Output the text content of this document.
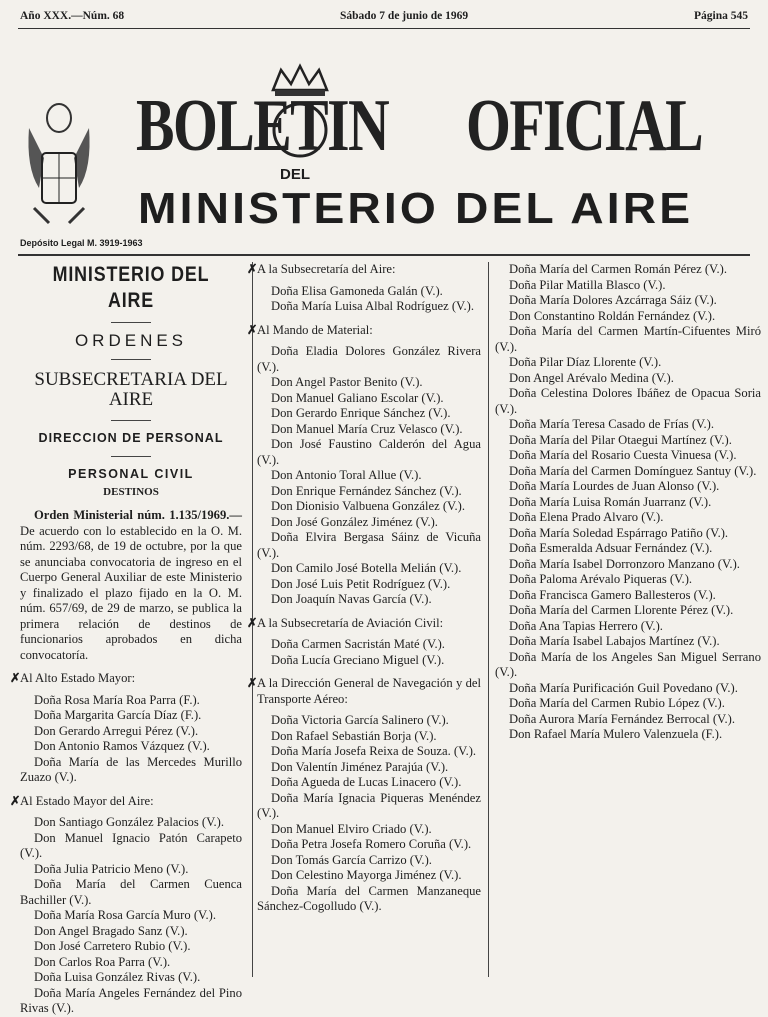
Año XXX.—Núm. 68	Sábado 7 de junio de 1969	Página 545
BOLETIN OFICIAL
DEL
MINISTERIO DEL AIRE
Depósito Legal M. 3919-1963
MINISTERIO DEL AIRE
ORDENES
SUBSECRETARIA DEL AIRE
DIRECCION DE PERSONAL
PERSONAL CIVIL
DESTINOS
Orden Ministerial núm. 1.135/1969.— De acuerdo con lo establecido en la O. M. núm. 2293/68, de 19 de octubre, por la que se anunciaba convocatoria de ingreso en el Cuerpo General Auxiliar de este Ministerio y finalizado el plazo fijado en la O. M. núm. 657/69, de 29 de marzo, se publica la primera relación de destinos de funcionarios aprobados en dicha convocatoría.
✗ Al Alto Estado Mayor:
Doña Rosa María Roa Parra (F.).
Doña Margarita García Díaz (F.).
Don Gerardo Arregui Pérez (V.).
Don Antonio Ramos Vázquez (V.).
Doña María de las Mercedes Murillo Zuazo (V.).
✗ Al Estado Mayor del Aire:
Don Santiago González Palacios (V.).
Don Manuel Ignacio Patón Carapeto (V.).
Doña Julia Patricio Meno (V.).
Doña María del Carmen Cuenca Bachiller (V.).
Doña María Rosa García Muro (V.).
Don Angel Bragado Sanz (V.).
Don José Carretero Rubio (V.).
Don Carlos Roa Parra (V.).
Doña Luisa González Rivas (V.).
Doña María Angeles Fernández del Pino Rivas (V.).
✗ A la Subsecretaría del Aire:
Doña Elisa Gamoneda Galán (V.).
Doña María Luisa Albal Rodríguez (V.).
✗ Al Mando de Material:
Doña Eladia Dolores González Rivera (V.).
Don Angel Pastor Benito (V.).
Don Manuel Galiano Escolar (V.).
Don Gerardo Enrique Sánchez (V.).
Don Manuel María Cruz Velasco (V.).
Don José Faustino Calderón del Agua (V.).
Don Antonio Toral Allue (V.).
Don Enrique Fernández Sánchez (V.).
Don Dionisio Valbuena González (V.).
Don José González Jiménez (V.).
Doña Elvira Bergasa Sáinz de Vicuña (V.).
Don Camilo José Botella Melián (V.).
Don José Luis Petit Rodríguez (V.).
Don Joaquín Navas García (V.).
✗ A la Subsecretaría de Aviación Civil:
Doña Carmen Sacristán Maté (V.).
Doña Lucía Greciano Miguel (V.).
✗ A la Dirección General de Navegación y del Transporte Aéreo:
Doña Victoria García Salinero (V.).
Don Rafael Sebastián Borja (V.).
Doña María Josefa Reixa de Souza. (V.).
Don Valentín Jiménez Parajúa (V.).
Doña Agueda de Lucas Linacero (V.).
Doña María Ignacia Piqueras Menéndez (V.).
Don Manuel Elviro Criado (V.).
Doña Petra Josefa Romero Coruña (V.).
Don Tomás García Carrizo (V.).
Don Celestino Mayorga Jiménez (V.).
Doña María del Carmen Manzaneque Sánchez-Cogolludo (V.).
Doña María del Carmen Román Pérez (V.).
Doña Pilar Matilla Blasco (V.).
Doña María Dolores Azcárraga Sáiz (V.).
Don Constantino Roldán Fernández (V.).
Doña María del Carmen Martín-Cifuentes Miró (V.).
Doña Pilar Díaz Llorente (V.).
Don Angel Arévalo Medina (V.).
Doña Celestina Dolores Ibáñez de Opacua Soria (V.).
Doña María Teresa Casado de Frías (V.).
Doña María del Pilar Otaegui Martínez (V.).
Doña María del Rosario Cuesta Vinuesa (V.).
Doña María del Carmen Domínguez Santuy (V.).
Doña María Lourdes de Juan Alonso (V.).
Doña María Luisa Román Juarranz (V.).
Doña Elena Prado Alvaro (V.).
Doña María Soledad Espárrago Patiño (V.).
Doña Esmeralda Adsuar Fernández (V.).
Doña María Isabel Dorronzoro Manzano (V.).
Doña Paloma Arévalo Piqueras (V.).
Doña Francisca Gamero Ballesteros (V.).
Doña María del Carmen Llorente Pérez (V.).
Doña Ana Tapias Herrero (V.).
Doña María Isabel Labajos Martínez (V.).
Doña María de los Angeles San Miguel Serrano (V.).
Doña María Purificación Guil Povedano (V.).
Doña María del Carmen Rubio López (V.).
Doña Aurora María Fernández Berrocal (V.).
Don Rafael María Mulero Valenzuela (F.).
